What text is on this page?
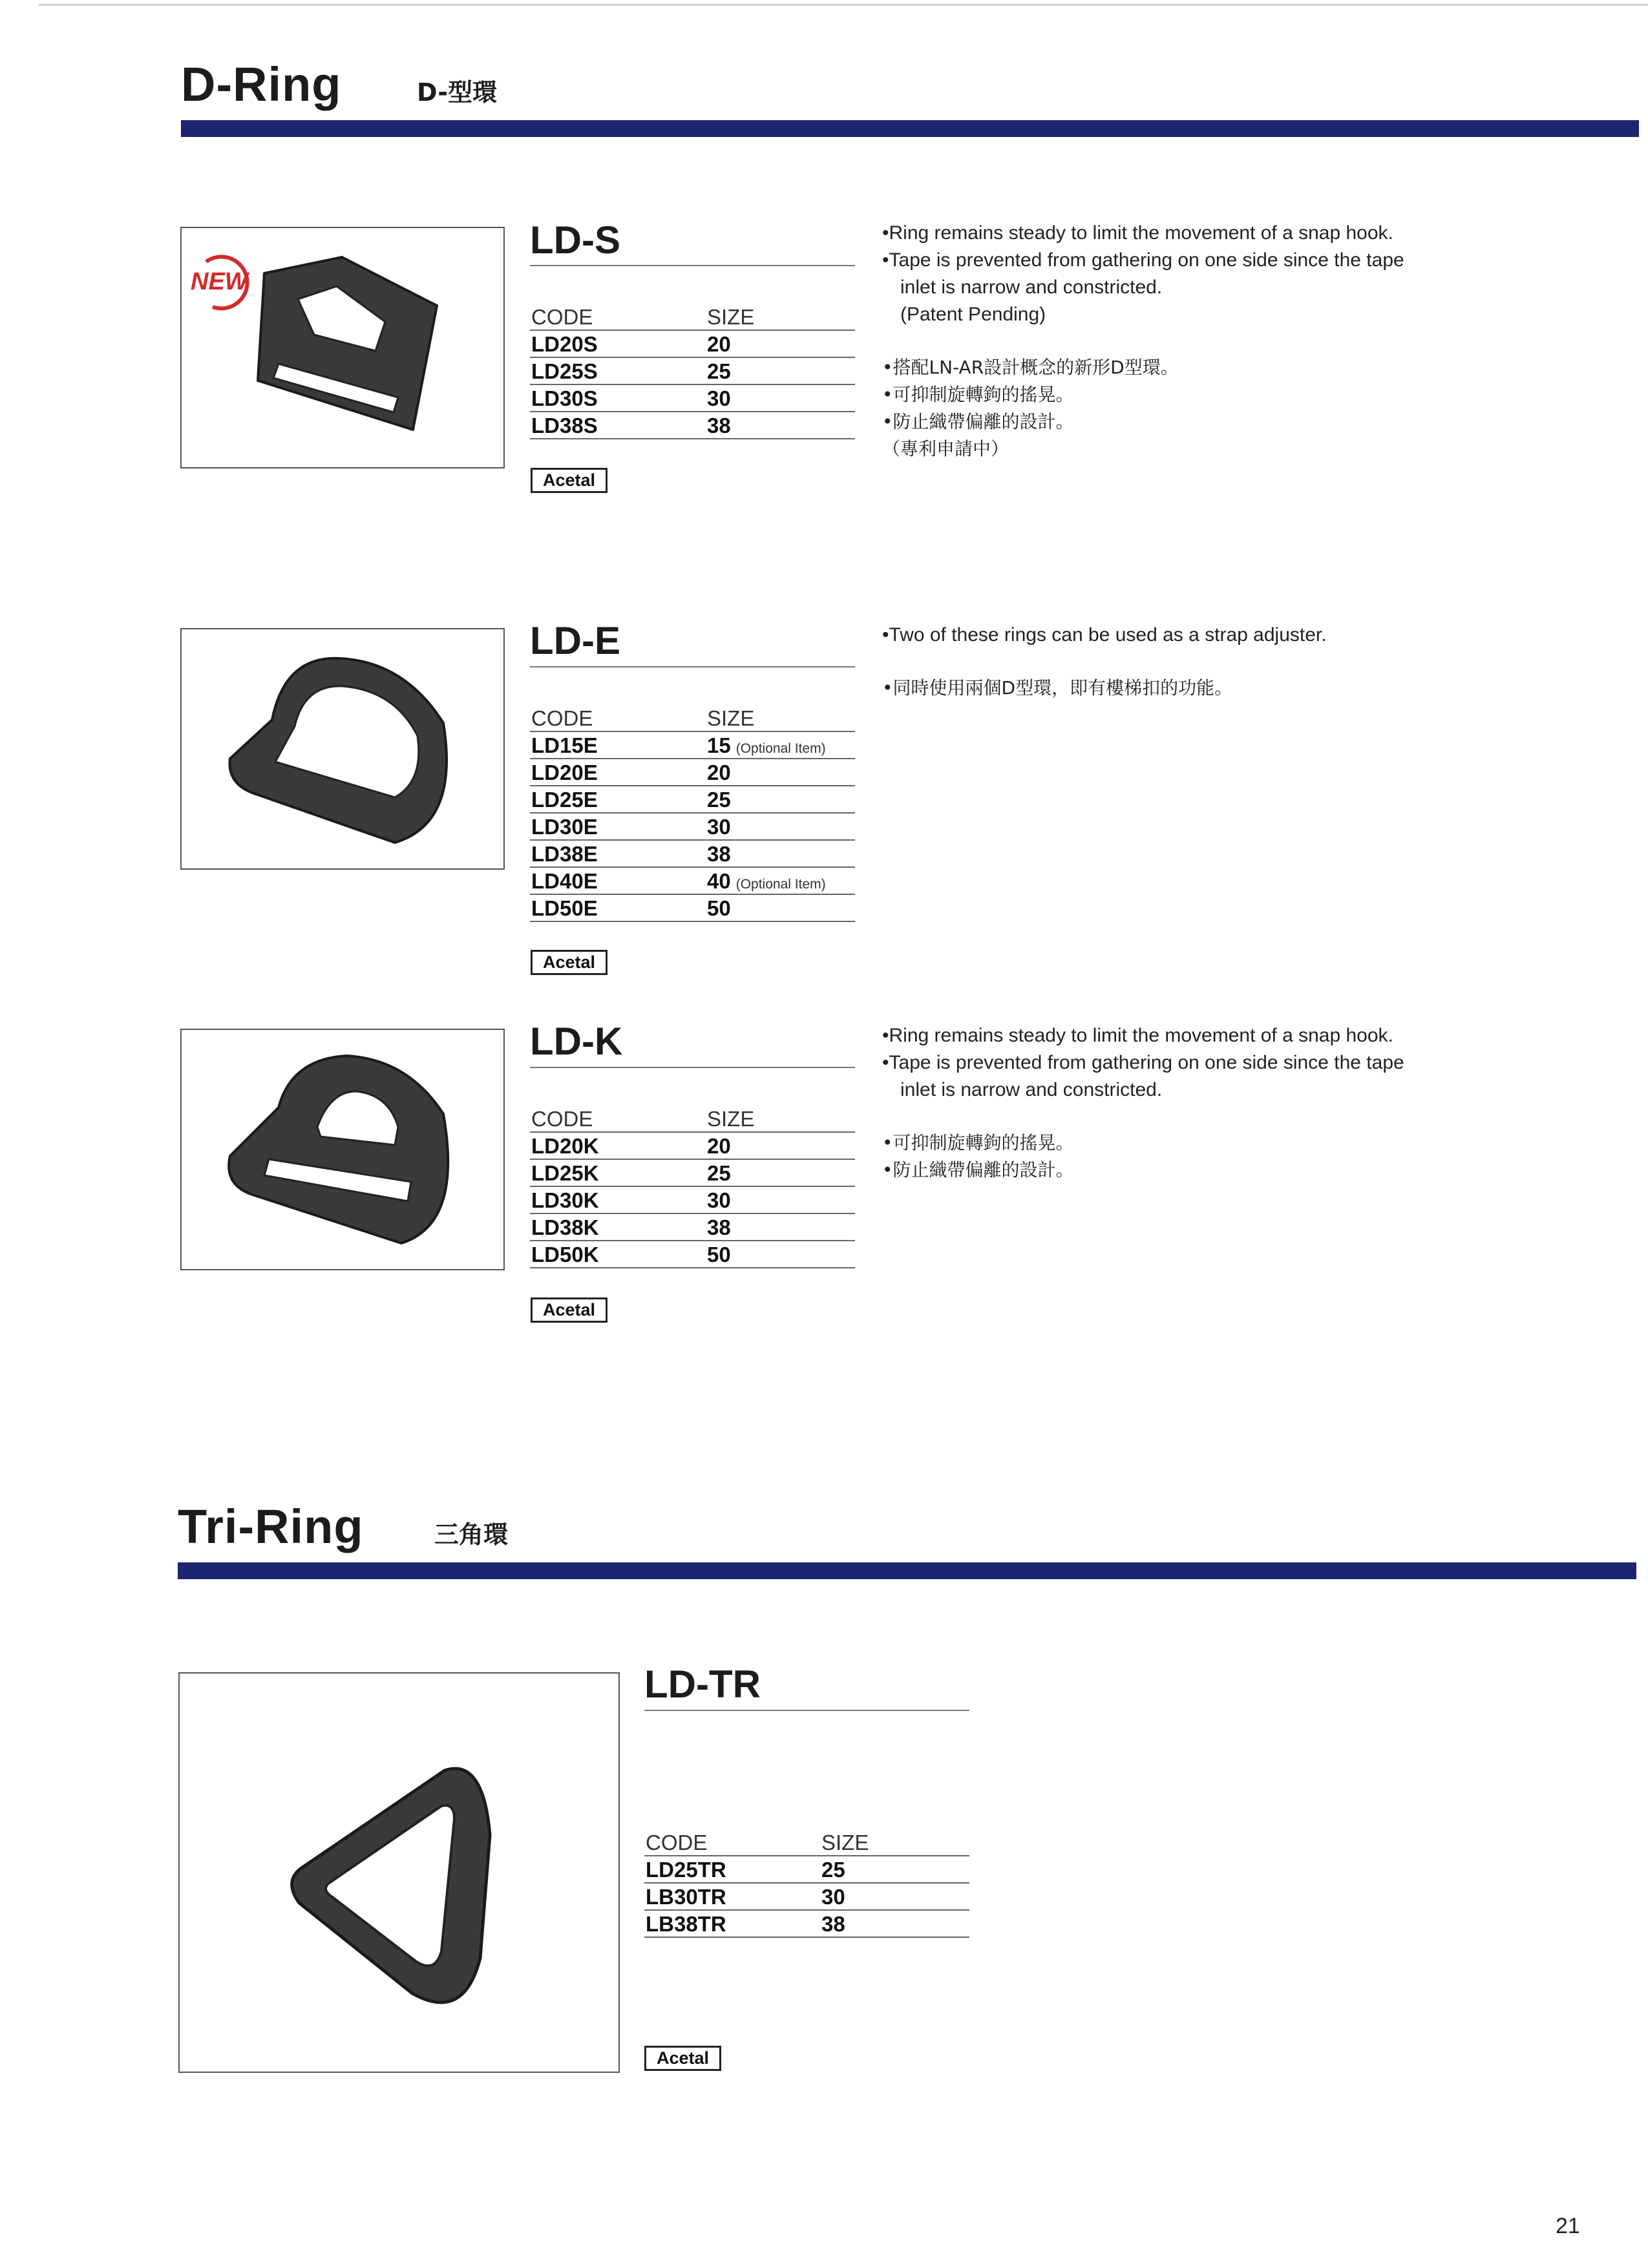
D-Ring	D-型環
NEW
LD-S
CODE	SIZE
LD20S	20
LD25S	25
LD30S	30
LD38S	38
Acetal

•Ring remains steady to limit the movement of a snap hook.

•Tape is prevented from gathering on one side since the tape

inlet is narrow and constricted.

(Patent Pending)

•搭配LN-AR設計概念的新形D型環。

•可抑制旋轉鉤的搖晃。

•防止織帶偏離的設計。

（專利申請中）

LD-E
CODE	SIZE
LD15E	15 (Optional Item)
LD20E	20
LD25E	25
LD30E	30
LD38E	38
LD40E	40 (Optional Item)
LD50E	50
Acetal

•Two of these rings can be used as a strap adjuster.

•同時使用兩個D型環，即有樓梯扣的功能。

LD-K
CODE	SIZE
LD20K	20
LD25K	25
LD30K	30
LD38K	38
LD50K	50
Acetal

•Ring remains steady to limit the movement of a snap hook.

•Tape is prevented from gathering on one side since the tape

inlet is narrow and constricted.

•可抑制旋轉鉤的搖晃。

•防止織帶偏離的設計。

Tri-Ring	三角環
LD-TR
CODE	SIZE
LD25TR	25
LB30TR	30
LB38TR	38
Acetal
21
